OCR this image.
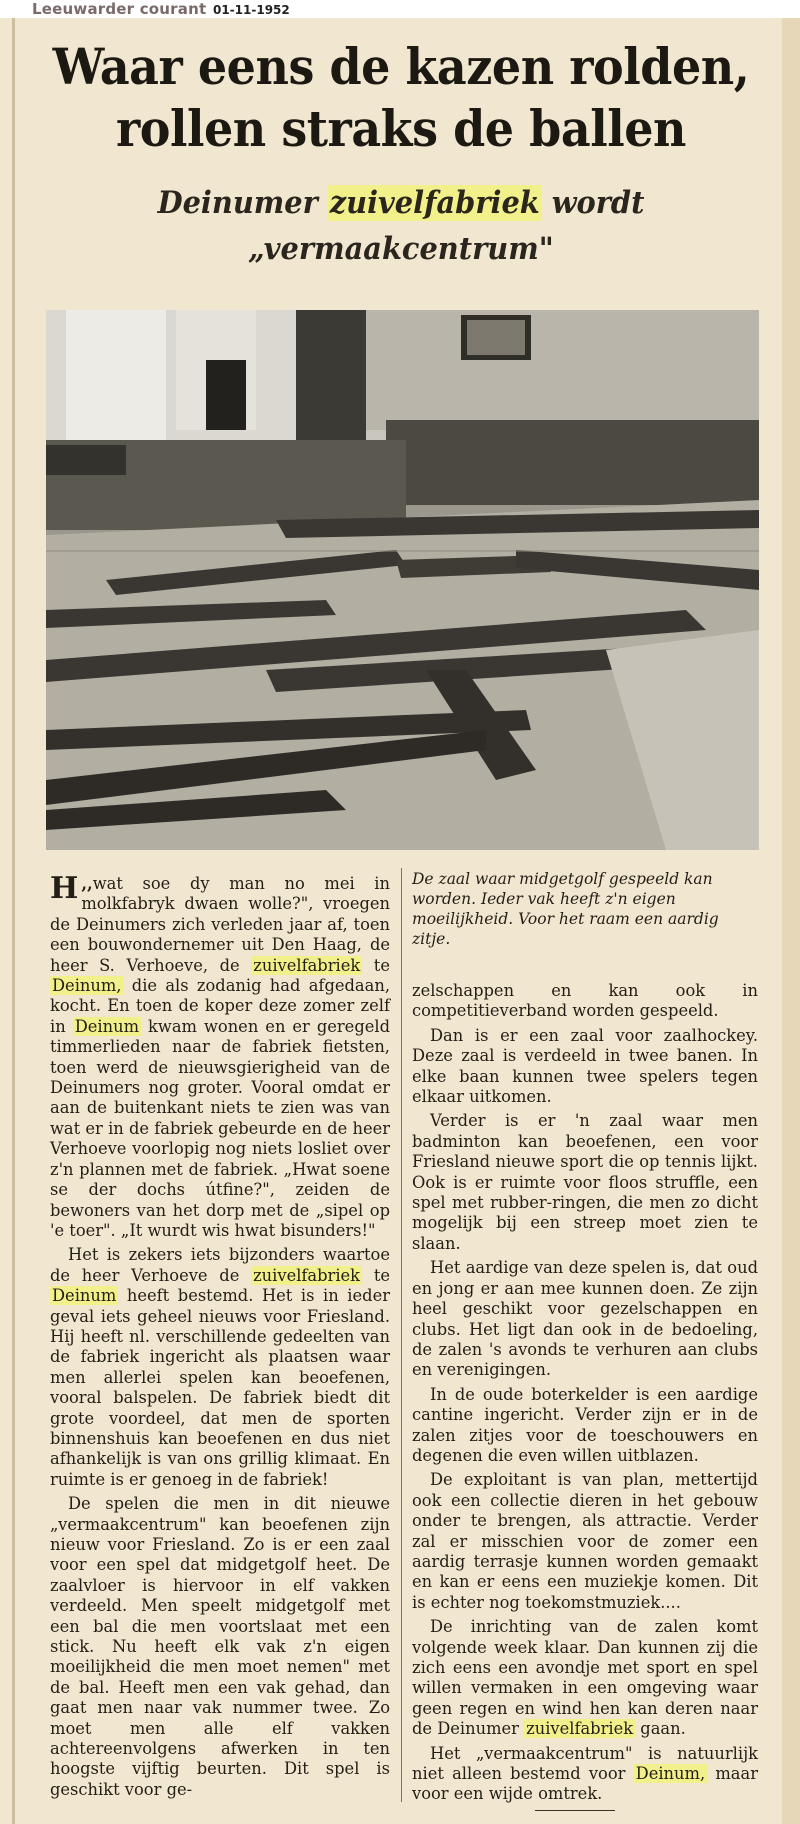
Leeuwarder courant 01-11-1952
Waar eens de kazen rolden,
rollen straks de ballen
Deinumer zuivelfabriek wordt
„vermaakcentrum"

,,
H wat soe dy man no mei in molkfabryk dwaen wolle?", vroegen de Deinumers zich verleden jaar af, toen een bouwondernemer uit Den Haag, de heer S. Verhoeve, de zuivelfabriek te Deinum, die als zodanig had afgedaan, kocht. En toen de koper deze zomer zelf in Deinum kwam wonen en er geregeld timmerlieden naar de fabriek fietsten, toen werd de nieuwsgierigheid van de Deinumers nog groter. Vooral omdat er aan de buitenkant niets te zien was van wat er in de fabriek gebeurde en de heer Verhoeve voorlopig nog niets losliet over z'n plannen met de fabriek. „Hwat soene se der dochs útfine?", zeiden de bewoners van het dorp met de „sipel op 'e toer". „It wurdt wis hwat bisunders!"

Het is zekers iets bijzonders waartoe de heer Verhoeve de zuivelfabriek te Deinum heeft bestemd. Het is in ieder geval iets geheel nieuws voor Friesland. Hij heeft nl. verschillende gedeelten van de fabriek ingericht als plaatsen waar men allerlei spelen kan beoefenen, vooral balspelen. De fabriek biedt dit grote voordeel, dat men de sporten binnenshuis kan beoefenen en dus niet afhankelijk is van ons grillig klimaat. En ruimte is er genoeg in de fabriek!

De spelen die men in dit nieuwe „vermaakcentrum" kan beoefenen zijn nieuw voor Friesland. Zo is er een zaal voor een spel dat midgetgolf heet. De zaalvloer is hiervoor in elf vakken verdeeld. Men speelt midgetgolf met een bal die men voortslaat met een stick. Nu heeft elk vak z'n eigen moeilijkheid die men moet nemen" met de bal. Heeft men een vak gehad, dan gaat men naar vak nummer twee. Zo moet men alle elf vakken achtereenvolgens afwerken in ten hoogste vijftig beurten. Dit spel is geschikt voor ge-

De zaal waar midgetgolf gespeeld kan worden. Ieder vak heeft z'n eigen moeilijkheid. Voor het raam een aardig zitje.

zelschappen en kan ook in competitieverband worden gespeeld.

Dan is er een zaal voor zaalhockey. Deze zaal is verdeeld in twee banen. In elke baan kunnen twee spelers tegen elkaar uitkomen.

Verder is er 'n zaal waar men badminton kan beoefenen, een voor Friesland nieuwe sport die op tennis lijkt. Ook is er ruimte voor floos struffle, een spel met rubber-ringen, die men zo dicht mogelijk bij een streep moet zien te slaan.

Het aardige van deze spelen is, dat oud en jong er aan mee kunnen doen. Ze zijn heel geschikt voor gezelschappen en clubs. Het ligt dan ook in de bedoeling, de zalen 's avonds te verhuren aan clubs en verenigingen.

In de oude boterkelder is een aardige cantine ingericht. Verder zijn er in de zalen zitjes voor de toeschouwers en degenen die even willen uitblazen.

De exploitant is van plan, mettertijd ook een collectie dieren in het gebouw onder te brengen, als attractie. Verder zal er misschien voor de zomer een aardig terrasje kunnen worden gemaakt en kan er eens een muziekje komen. Dit is echter nog toekomstmuziek....

De inrichting van de zalen komt volgende week klaar. Dan kunnen zij die zich eens een avondje met sport en spel willen vermaken in een omgeving waar geen regen en wind hen kan deren naar de Deinumer zuivelfabriek gaan.

Het „vermaakcentrum" is natuurlijk niet alleen bestemd voor Deinum, maar voor een wijde omtrek.
